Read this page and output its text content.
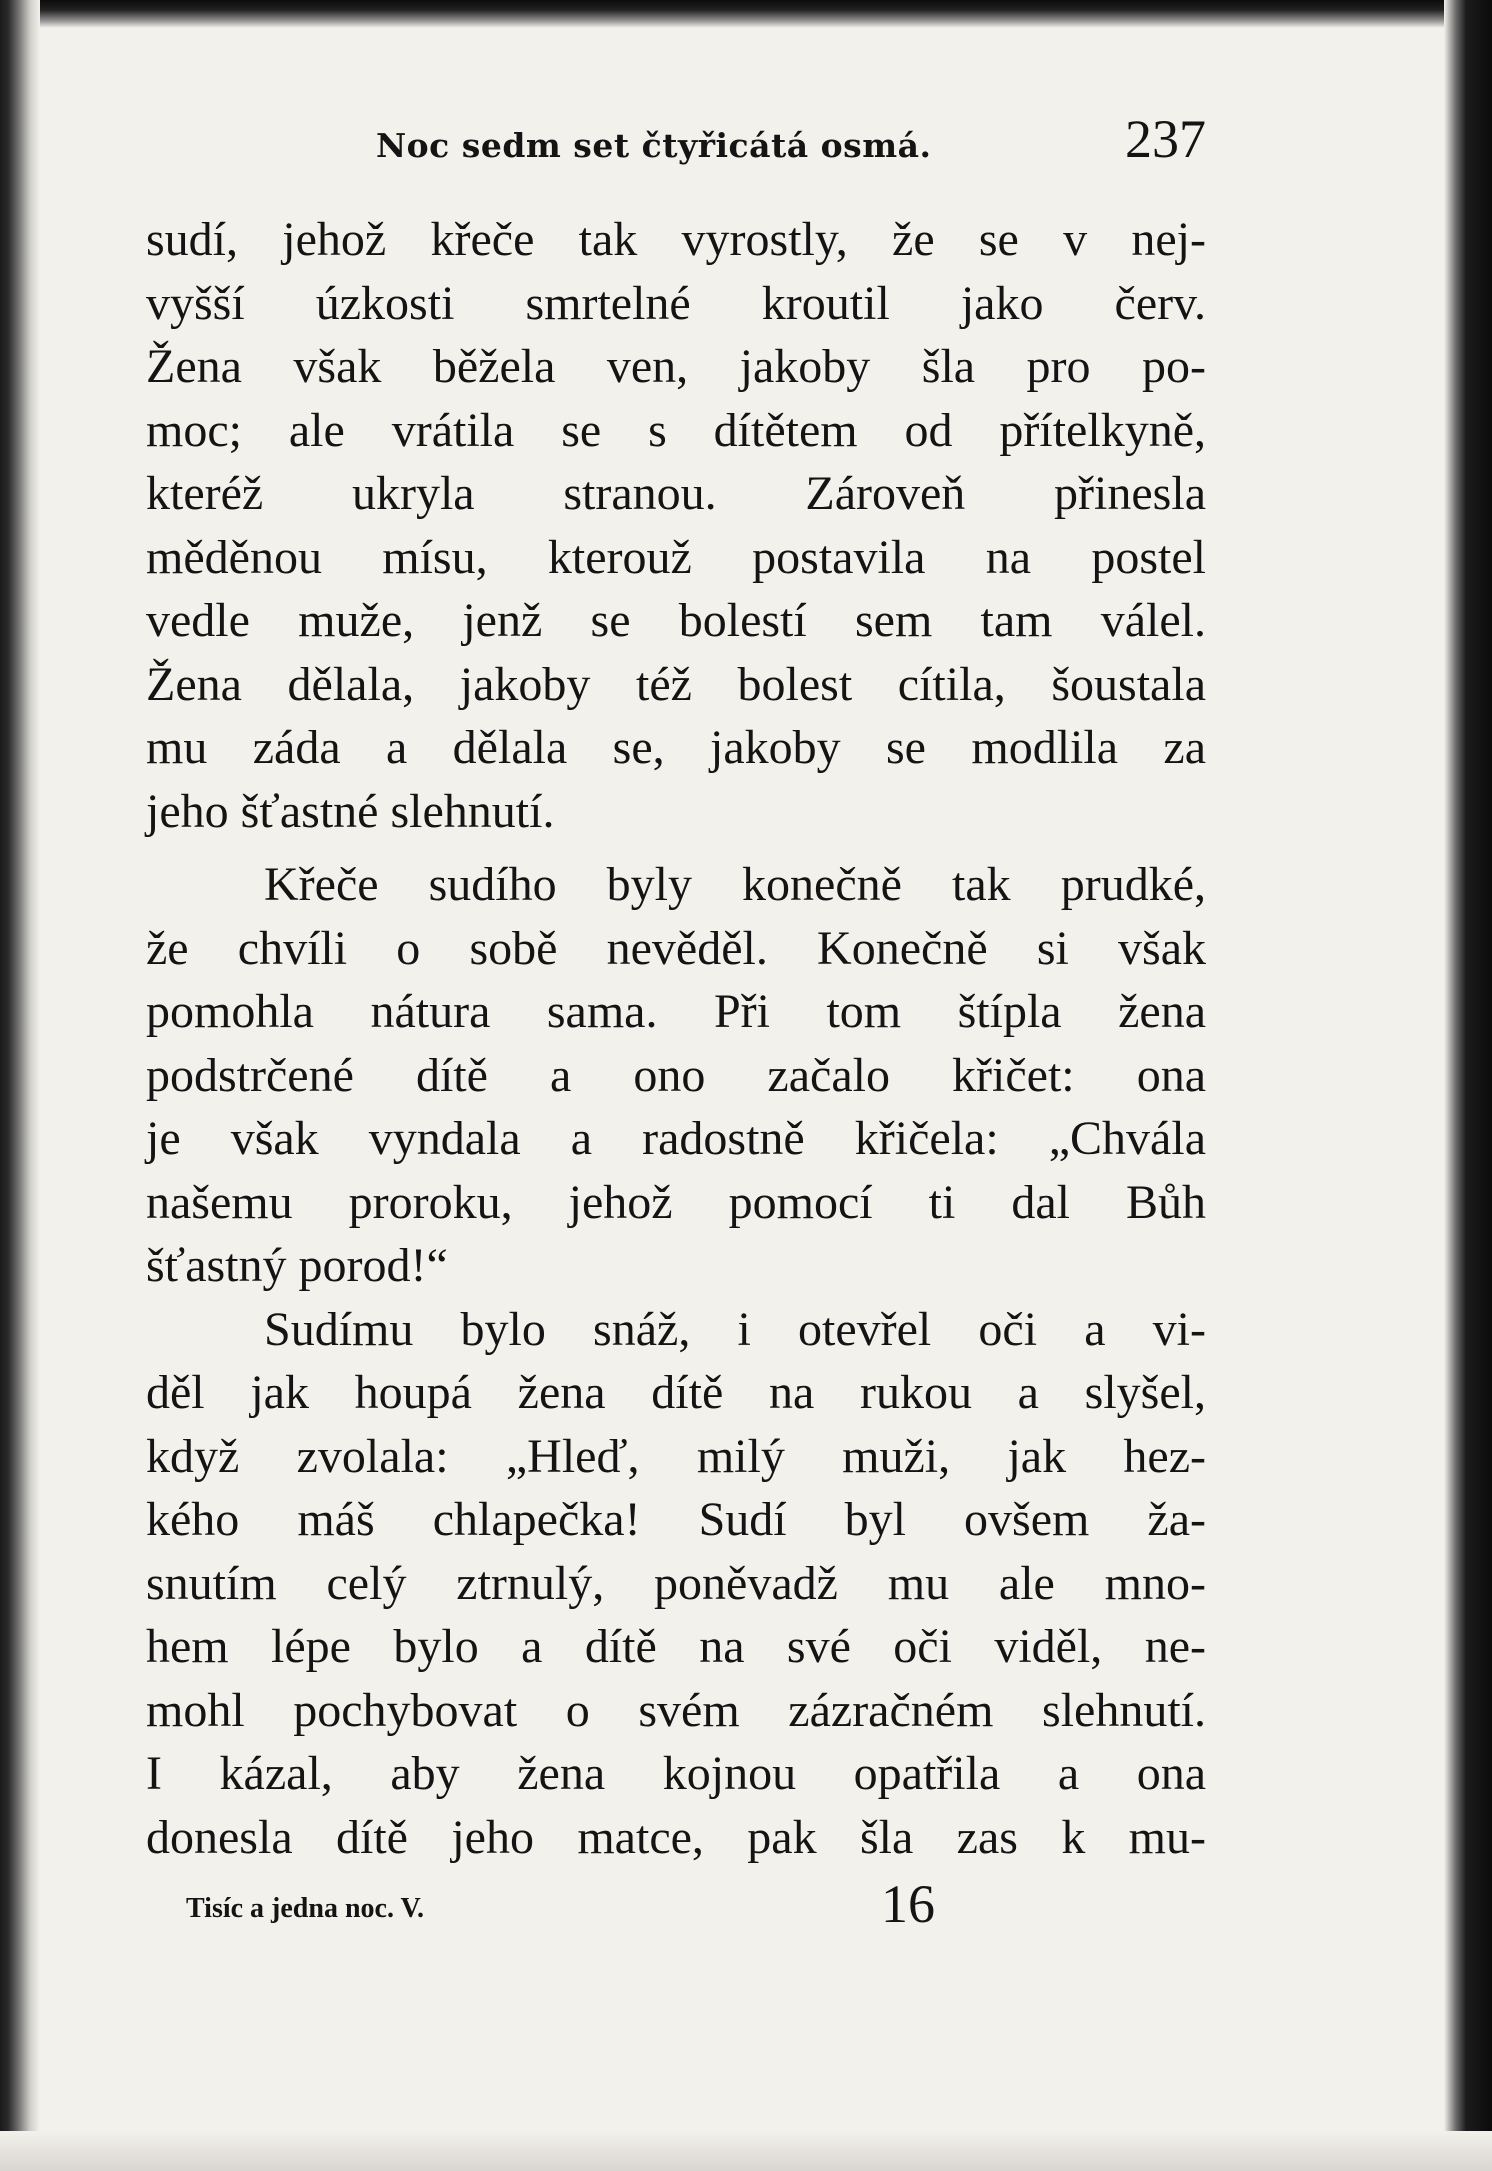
Noc sedm set čtyřicátá osmá.	237
sudí, jehož křeče tak vyrostly, že se v nej-
vyšší úzkosti smrtelné kroutil jako červ.
Žena však běžela ven, jakoby šla pro po-
moc; ale vrátila se s dítětem od přítelkyně,
kteréž ukryla stranou. Zároveň přinesla
měděnou mísu, kterouž postavila na postel
vedle muže, jenž se bolestí sem tam válel.
Žena dělala, jakoby též bolest cítila, šoustala
mu záda a dělala se, jakoby se modlila za
jeho šťastné slehnutí.
Křeče sudího byly konečně tak prudké,
že chvíli o sobě nevěděl. Konečně si však
pomohla nátura sama. Při tom štípla žena
podstrčené dítě a ono začalo křičet: ona
je však vyndala a radostně křičela: „Chvála
našemu proroku, jehož pomocí ti dal Bůh
šťastný porod!“
Sudímu bylo snáž, i otevřel oči a vi-
děl jak houpá žena dítě na rukou a slyšel,
když zvolala: „Hleď, milý muži, jak hez-
kého máš chlapečka! Sudí byl ovšem ža-
snutím celý ztrnulý, poněvadž mu ale mno-
hem lépe bylo a dítě na své oči viděl, ne-
mohl pochybovat o svém zázračném slehnutí.
I kázal, aby žena kojnou opatřila a ona
donesla dítě jeho matce, pak šla zas k mu-
Tisíc a jedna noc. V.	16
